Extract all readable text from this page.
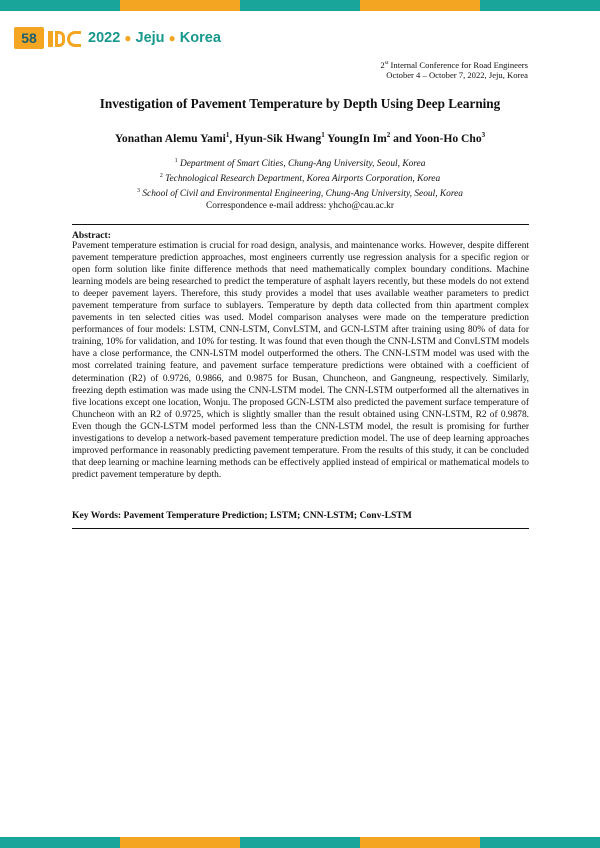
58	2022 ● Jeju ● Korea
2st Internal Conference for Road Engineers
October 4 – October 7, 2022, Jeju, Korea
Investigation of Pavement Temperature by Depth Using Deep Learning
Yonathan Alemu Yami$^1$, Hyun-Sik Hwang$^1$ YoungIn Im$^2$ and Yoon-Ho Cho$^3$
$^1$ Department of Smart Cities, Chung-Ang University, Seoul, Korea
$^2$ Technological Research Department, Korea Airports Corporation, Korea
$^3$ School of Civil and Environmental Engineering, Chung-Ang University, Seoul, Korea
Correspondence e-mail address: yhcho@cau.ac.kr
Abstract:

Pavement temperature estimation is crucial for road design, analysis, and maintenance works. However, despite different pavement temperature prediction approaches, most engineers currently use regression analysis for a specific region or open form solution like finite difference methods that need mathematically complex boundary conditions. Machine learning models are being researched to predict the temperature of asphalt layers recently, but these models do not extend to deeper pavement layers. Therefore, this study provides a model that uses available weather parameters to predict pavement temperature from surface to sublayers. Temperature by depth data collected from thin apartment complex pavements in ten selected cities was used. Model comparison analyses were made on the temperature prediction performances of four models: LSTM, CNN-LSTM, ConvLSTM, and GCN-LSTM after training using 80% of data for training, 10% for validation, and 10% for testing. It was found that even though the CNN-LSTM and ConvLSTM models have a close performance, the CNN-LSTM model outperformed the others. The CNN-LSTM model was used with the most correlated training feature, and pavement surface temperature predictions were obtained with a coefficient of determination (R2) of 0.9726, 0.9866, and 0.9875 for Busan, Chuncheon, and Gangneung, respectively. Similarly, freezing depth estimation was made using the CNN-LSTM model. The CNN-LSTM outperformed all the alternatives in five locations except one location, Wonju. The proposed GCN-LSTM also predicted the pavement surface temperature of Chuncheon with an R2 of 0.9725, which is slightly smaller than the result obtained using CNN-LSTM, R2 of 0.9878. Even though the GCN-LSTM model performed less than the CNN-LSTM model, the result is promising for further investigations to develop a network-based pavement temperature prediction model. The use of deep learning approaches improved performance in reasonably predicting pavement temperature. From the results of this study, it can be concluded that deep learning or machine learning methods can be effectively applied instead of empirical or mathematical models to predict pavement temperature by depth.

Key Words: Pavement Temperature Prediction; LSTM; CNN-LSTM; Conv-LSTM
